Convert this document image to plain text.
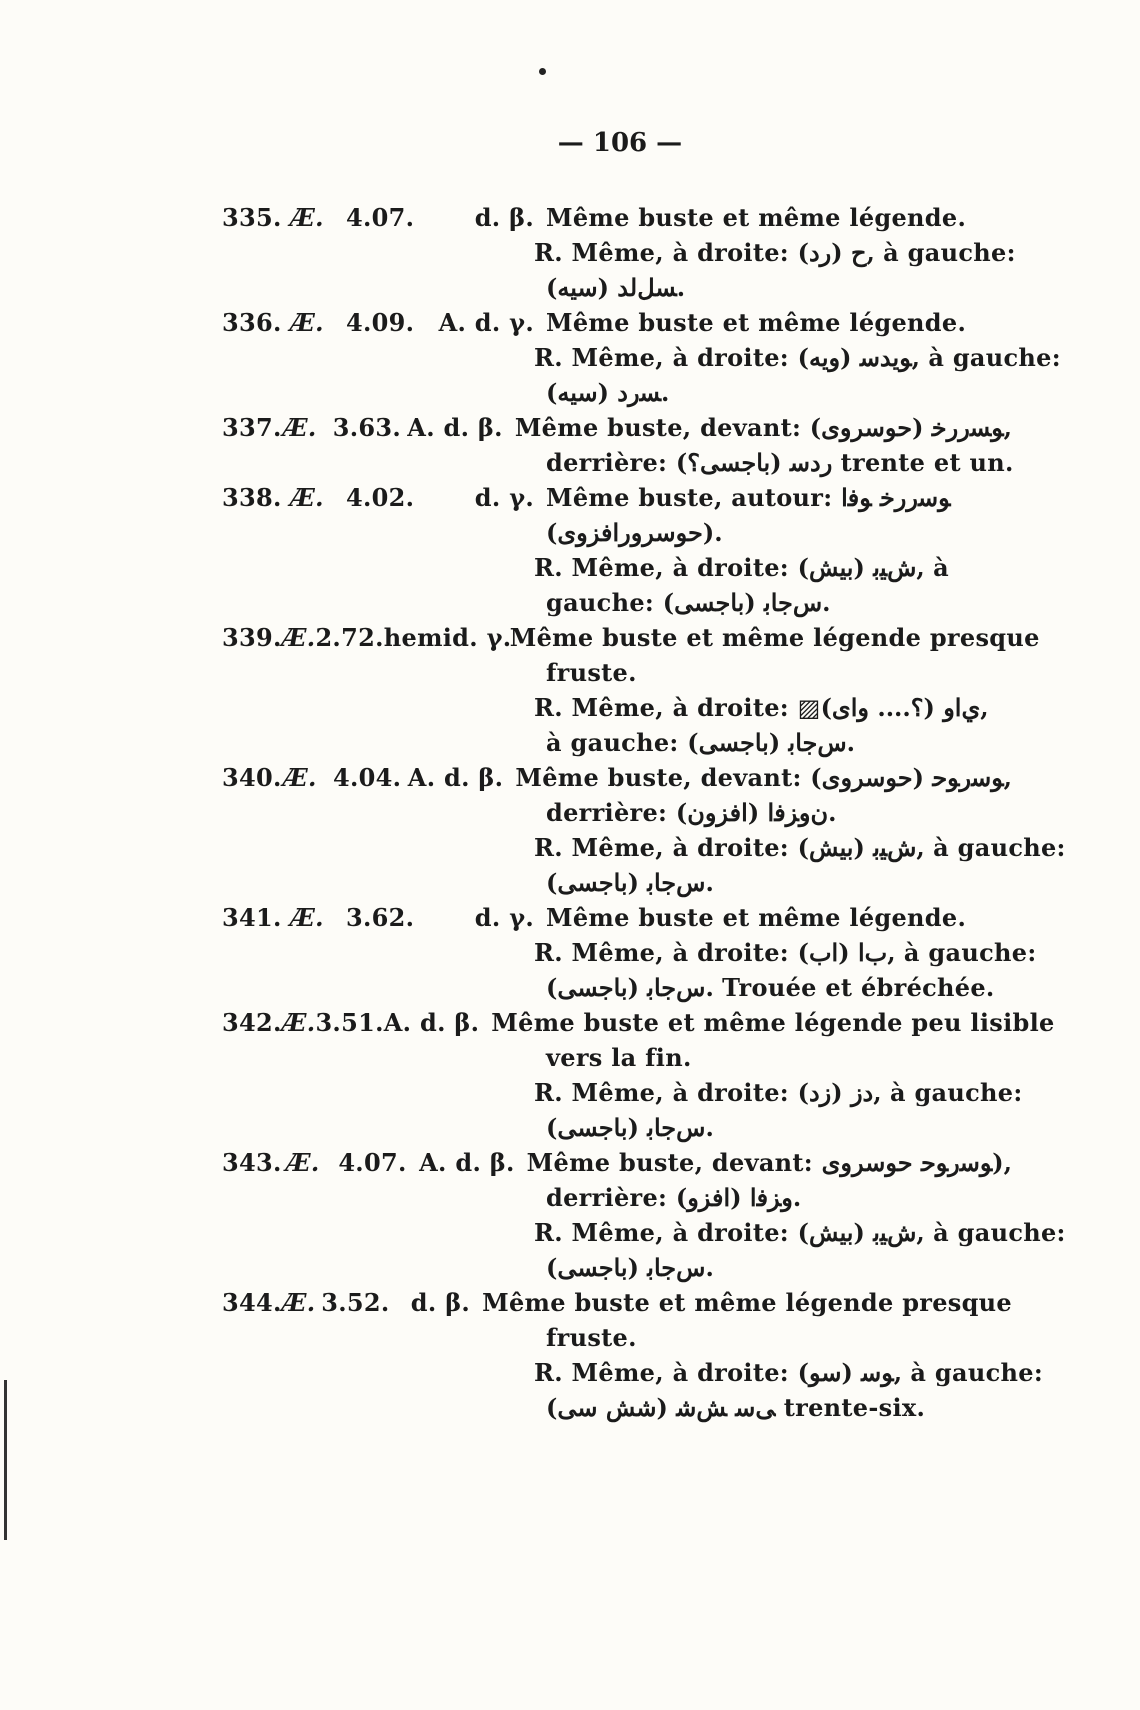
— 106 —
335. Æ. 4.07.	d. β. Même buste et même légende.
R. Même, à droite: ﺡ (رد), à gauche:
ﺴﻞﻟﺪ (سيه).
336. Æ. 4.09.	A. d. γ. Même buste et même légende.
R. Même, à droite: ﻮﻳﺪﺳ (ويه), à gauche:
ﺴﺭﺩ (سيه).
337. Æ. 3.63. A. d. β. Même buste, devant: ﻮﺴﺭﺭﺧ (حوسروى),
derrière: ﺭﺩﺳ (باجسى؟) trente et un.
338. Æ. 4.02.	d. γ. Même buste, autour: ﻮﺳﺭﺭﺧ ﻮﻓﺍ
(حوسرورافزوى).
R. Même, à droite: ﺵﻴﺑ (بيش), à
gauche: ﺱﺟﺎﺑ (باجسى).
339. Æ. 2.72. hemid. γ.
Même buste et même légende presque
fruste.
R. Même, à droite: ▨ﻱﺍﻭ (؟.... واى),
à gauche: ﺱﺟﺎﺑ (باجسى).
340. Æ. 4.04. A. d. β. Même buste, devant: ﻮﺳﺭﻮﺣ (حوسروى),
derrière: ﻥﻭﺰﻓﺍ (افزون).
R. Même, à droite: ﺵﻴﺑ (بيش), à gauche:
ﺱﺟﺎﺑ (باجسى).
341. Æ. 3.62.	d. γ. Même buste et même légende.
R. Même, à droite: ﺏﺍ (اب), à gauche:
ﺱﺟﺎﺑ (باجسى). Trouée et ébréchée.
342. Æ. 3.51. A. d. β. Même buste et même légende peu lisible
vers la fin.
R. Même, à droite: ﺩﺯ (زد), à gauche:
ﺱﺟﺎﺑ (باجسى).
343. Æ. 4.07. A. d. β. Même buste, devant: ﻮﺳﺭﻮﺣ حوسروى),
derrière: ﻭﺰﻓﺍ (افزو).
R. Même, à droite: ﺵﻴﺑ (بيش), à gauche:
ﺱﺟﺎﺑ (باجسى).
344. Æ. 3.52. d. β. Même buste et même légende presque
fruste.
R. Même, à droite: ﻮﺳ (سو), à gauche:
ﻰﺳ ﺶﺷ (شش سى) trente-six.
